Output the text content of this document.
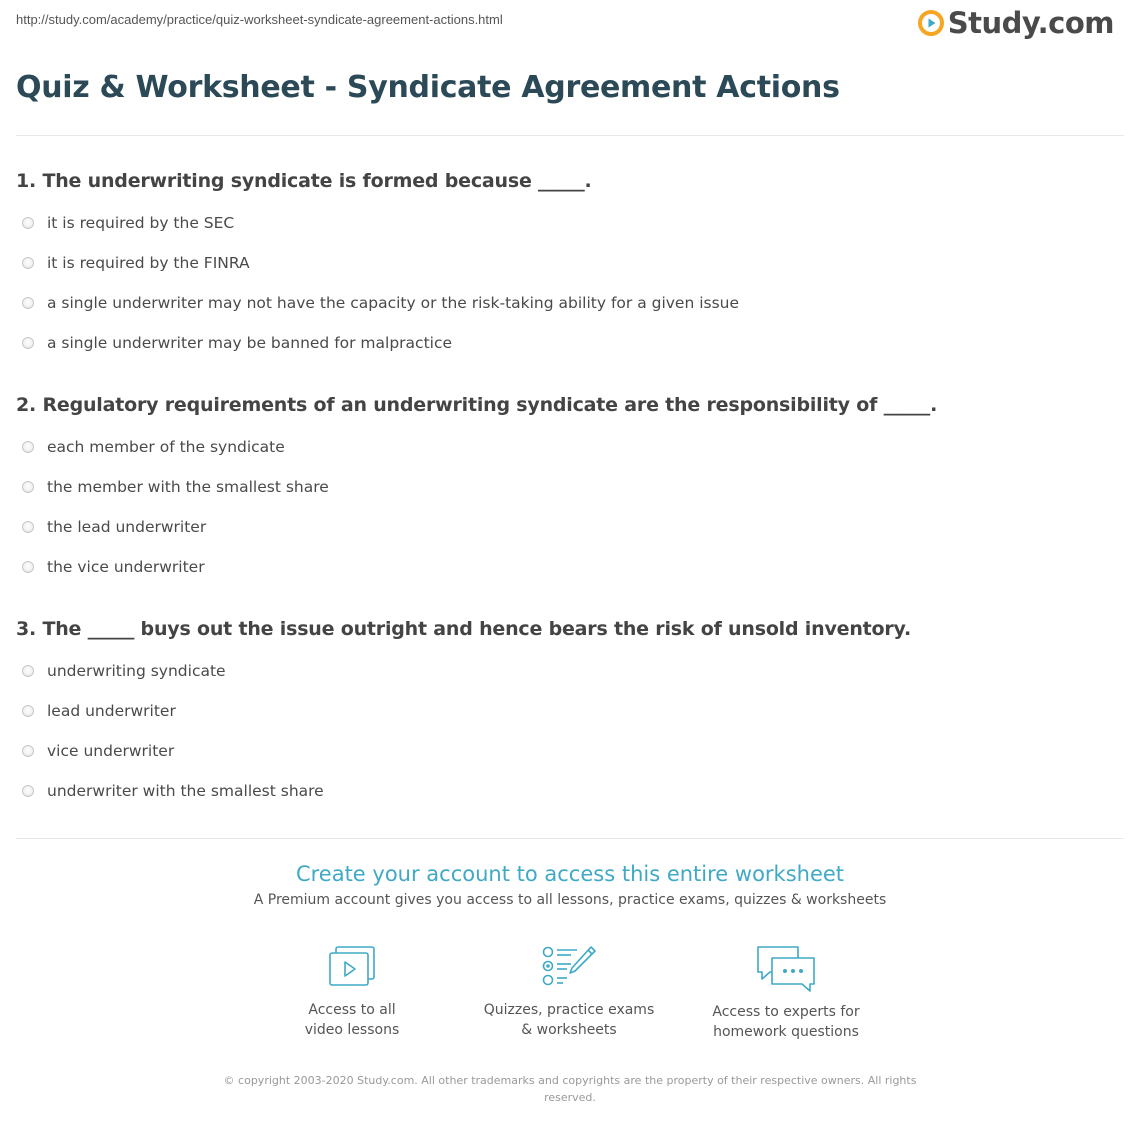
http://study.com/academy/practice/quiz-worksheet-syndicate-agreement-actions.html	Study.com
Quiz & Worksheet - Syndicate Agreement Actions
1. The underwriting syndicate is formed because _____.
it is required by the SEC
it is required by the FINRA
a single underwriter may not have the capacity or the risk-taking ability for a given issue
a single underwriter may be banned for malpractice
2. Regulatory requirements of an underwriting syndicate are the responsibility of _____.
each member of the syndicate
the member with the smallest share
the lead underwriter
the vice underwriter
3. The _____ buys out the issue outright and hence bears the risk of unsold inventory.
underwriting syndicate
lead underwriter
vice underwriter
underwriter with the smallest share
Create your account to access this entire worksheet
A Premium account gives you access to all lessons, practice exams, quizzes & worksheets
Access to all
video lessons
Quizzes, practice exams
& worksheets
Access to experts for
homework questions
© copyright 2003-2020 Study.com. All other trademarks and copyrights are the property of their respective owners. All rights reserved.
